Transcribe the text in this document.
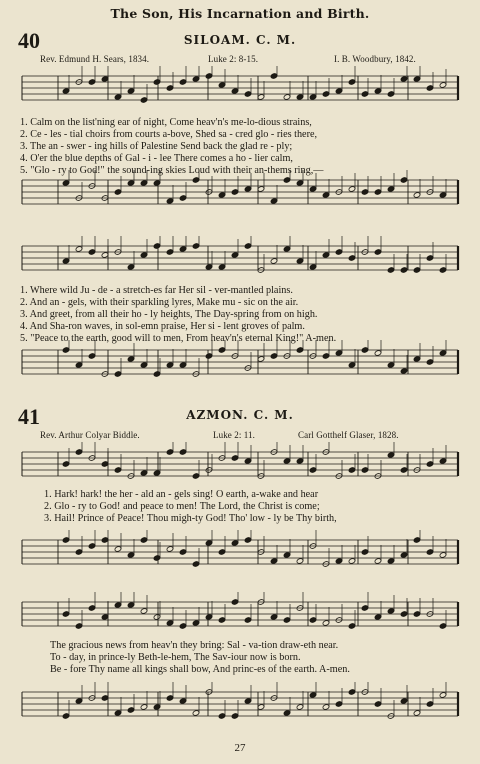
The Son, His Incarnation and Birth.
40	SILOAM. C. M.
Rev. Edmund H. Sears, 1834.	Luke 2: 8-15.	I. B. Woodbury, 1842.
1. Calm on the list'ning ear of night, Come heav'n's me-lo-dious strains,
2. Ce - les - tial choirs from courts a-bove, Shed sa - cred glo - ries there,
3. The an - swer - ing hills of Palestine Send back the glad re - ply;
4. O'er the blue depths of Gal - i - lee There comes a ho - lier calm,
5. "Glo - ry to God!" the sound-ing skies Loud with their an-thems ring,—
1. Where wild Ju - de - a stretch-es far Her sil - ver-mantled plains.
2. And an - gels, with their sparkling lyres, Make mu - sic on the air.
3. And greet, from all their ho - ly heights, The Day-spring from on high.
4. And Sha-ron waves, in sol-emn praise, Her si - lent groves of palm.
5. "Peace to the earth, good will to men, From heav'n's eternal King!" A-men.
41	AZMON. C. M.
Rev. Arthur Colyar Biddle.	Luke 2: 11.	Carl Gotthelf Glaser, 1828.
1. Hark! hark! the her - ald an - gels sing! O earth, a-wake and hear
2. Glo - ry to God! and peace to men! The Lord, the Christ is come;
3. Hail! Prince of Peace! Thou migh-ty God! Tho' low - ly be Thy birth,
The gracious news from heav'n they bring: Sal - va-tion draw-eth near.
To - day, in prince-ly Beth-le-hem, The Sav-iour now is born.
Be - fore Thy name all kings shall bow, And princ-es of the earth. A-men.
27
